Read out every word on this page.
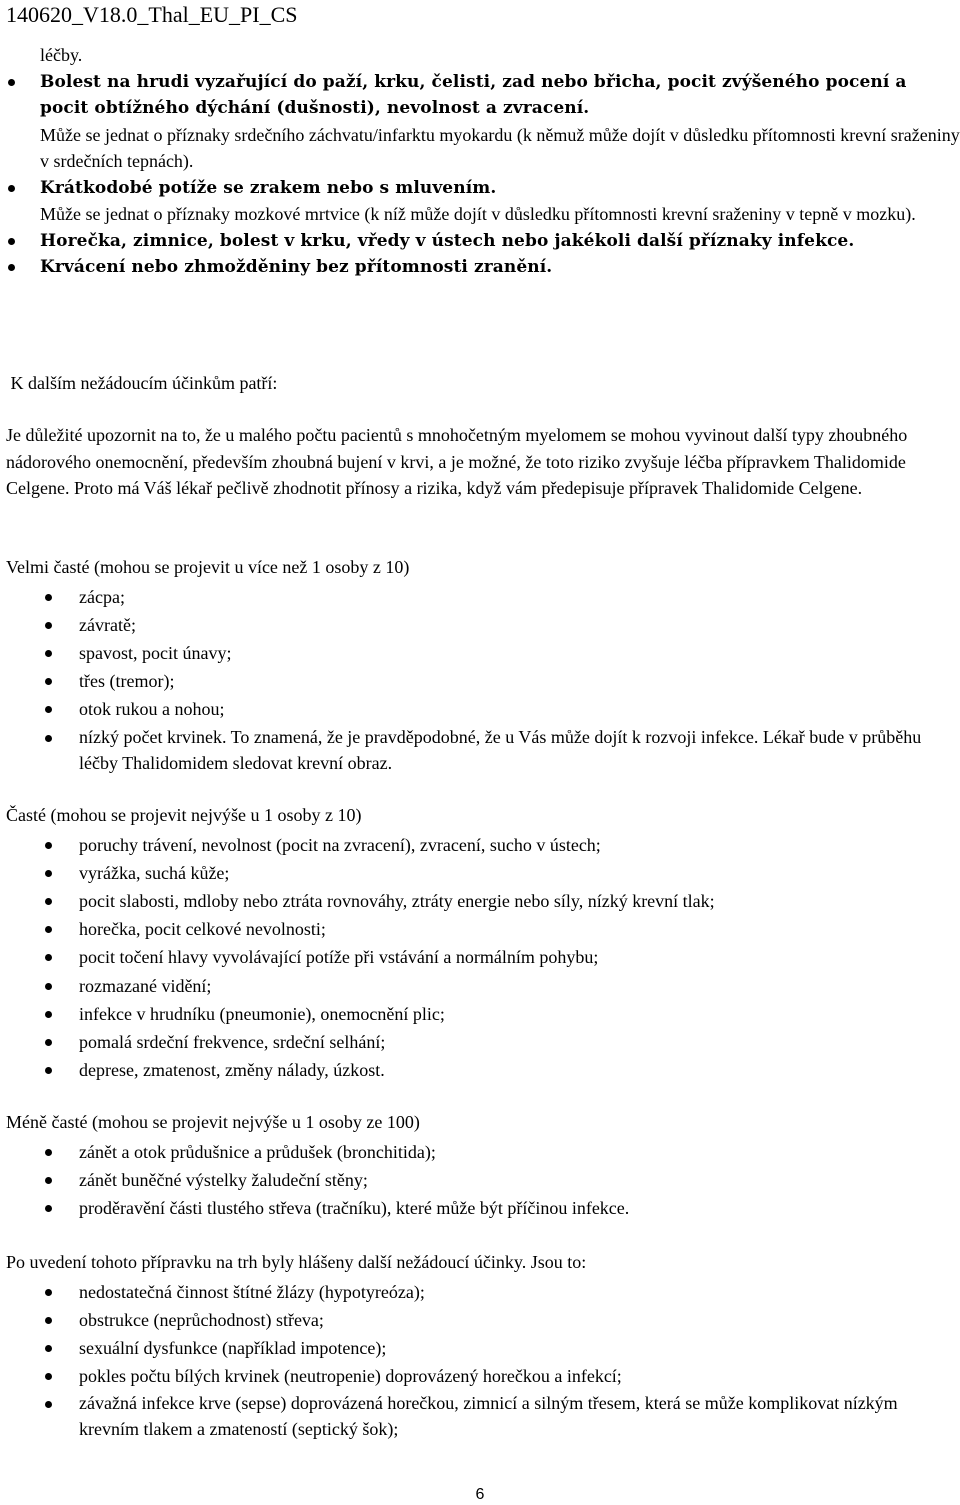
140620_V18.0_Thal_EU_PI_CS

léčby.

Bolest na hrudi vyzařující do paží, krku, čelisti, zad nebo břicha, pocit zvýšeného pocení a pocit obtížného dýchání (dušnosti), nevolnost a zvracení.
Může se jednat o příznaky srdečního záchvatu/infarktu myokardu (k němuž může dojít v důsledku přítomnosti krevní sraženiny v srdečních tepnách).
Krátkodobé potíže se zrakem nebo s mluvením.
Může se jednat o příznaky mozkové mrtvice (k níž může dojít v důsledku přítomnosti krevní sraženiny v tepně v mozku).
Horečka, zimnice, bolest v krku, vředy v ústech nebo jakékoli další příznaky infekce.
Krvácení nebo zhmožděniny bez přítomnosti zranění.

K dalším nežádoucím účinkům patří:

Je důležité upozornit na to, že u malého počtu pacientů s mnohočetným myelomem se mohou vyvinout další typy zhoubného nádorového onemocnění, především zhoubná bujení v krvi, a je možné, že toto riziko zvyšuje léčba přípravkem Thalidomide Celgene. Proto má Váš lékař pečlivě zhodnotit přínosy a rizika, když vám předepisuje přípravek Thalidomide Celgene.

Velmi časté (mohou se projevit u více než 1 osoby z 10)

zácpa;
závratě;
spavost, pocit únavy;
třes (tremor);
otok rukou a nohou;
nízký počet krvinek. To znamená, že je pravděpodobné, že u Vás může dojít k rozvoji infekce. Lékař bude v průběhu léčby Thalidomidem sledovat krevní obraz.

Časté (mohou se projevit nejvýše u 1 osoby z 10)

poruchy trávení, nevolnost (pocit na zvracení), zvracení, sucho v ústech;
vyrážka, suchá kůže;
pocit slabosti, mdloby nebo ztráta rovnováhy, ztráty energie nebo síly, nízký krevní tlak;
horečka, pocit celkové nevolnosti;
pocit točení hlavy vyvolávající potíže při vstávání a normálním pohybu;
rozmazané vidění;
infekce v hrudníku (pneumonie), onemocnění plic;
pomalá srdeční frekvence, srdeční selhání;
deprese, zmatenost, změny nálady, úzkost.

Méně časté (mohou se projevit nejvýše u 1 osoby ze 100)

zánět a otok průdušnice a průdušek (bronchitida);
zánět buněčné výstelky žaludeční stěny;
proděravění části tlustého střeva (tračníku), které může být příčinou infekce.

Po uvedení tohoto přípravku na trh byly hlášeny další nežádoucí účinky. Jsou to:

nedostatečná činnost štítné žlázy (hypotyreóza);
obstrukce (neprůchodnost) střeva;
sexuální dysfunkce (například impotence);
pokles počtu bílých krvinek (neutropenie) doprovázený horečkou a infekcí;
závažná infekce krve (sepse) doprovázená horečkou, zimnicí a silným třesem, která se může komplikovat nízkým krevním tlakem a zmateností (septický šok);
6
